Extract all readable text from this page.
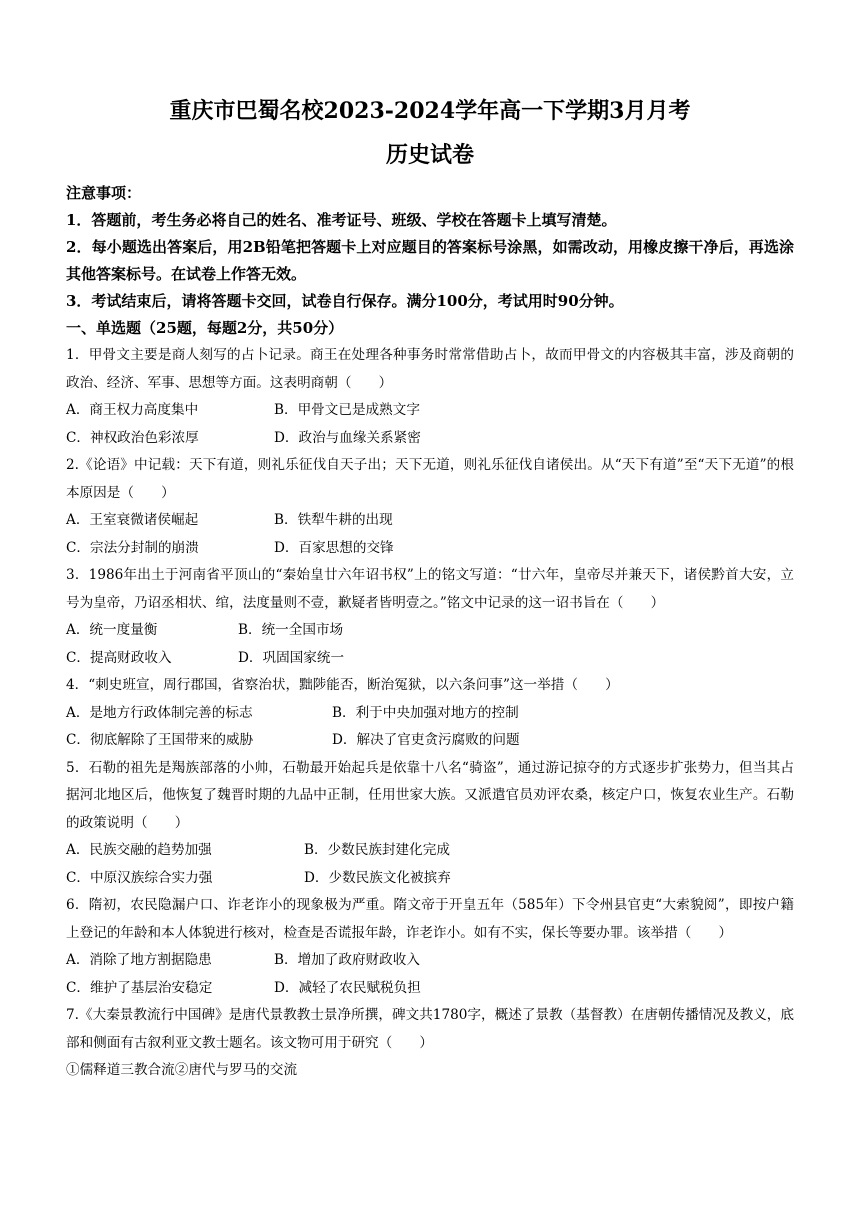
重庆市巴蜀名校2023-2024学年高一下学期3月月考
历史试卷

注意事项：

1．答题前，考生务必将自己的姓名、准考证号、班级、学校在答题卡上填写清楚。

2．每小题选出答案后，用2B铅笔把答题卡上对应题目的答案标号涂黑，如需改动，用橡皮擦干净后，再选涂其他答案标号。在试卷上作答无效。

3．考试结束后，请将答题卡交回，试卷自行保存。满分100分，考试用时90分钟。

一、单选题（25题，每题2分，共50分）

1．甲骨文主要是商人刻写的占卜记录。商王在处理各种事务时常常借助占卜，故而甲骨文的内容极其丰富，涉及商朝的政治、经济、军事、思想等方面。这表明商朝（　　）

A．商王权力高度集中	B．甲骨文已是成熟文字
C．神权政治色彩浓厚	D．政治与血缘关系紧密

2.《论语》中记载：天下有道，则礼乐征伐自天子出；天下无道，则礼乐征伐自诸侯出。从“天下有道”至“天下无道”的根本原因是（　　）

A．王室衰微诸侯崛起	B．铁犁牛耕的出现
C．宗法分封制的崩溃	D．百家思想的交锋

3．1986年出土于河南省平顶山的“秦始皇廿六年诏书权”上的铭文写道：“廿六年，皇帝尽并兼天下，诸侯黔首大安，立号为皇帝，乃诏丞相状、绾，法度量则不壹，歉疑者皆明壹之。”铭文中记录的这一诏书旨在（　　）

A．统一度量衡	B．统一全国市场
C．提高财政收入	D．巩固国家统一

4．“刺史班宣，周行郡国，省察治状，黜陟能否，断治冤狱，以六条问事”这一举措（　　）

A．是地方行政体制完善的标志	B．利于中央加强对地方的控制
C．彻底解除了王国带来的威胁	D．解决了官吏贪污腐败的问题

5．石勒的祖先是羯族部落的小帅，石勒最开始起兵是依靠十八名“骑盗”，通过游记掠夺的方式逐步扩张势力，但当其占据河北地区后，他恢复了魏晋时期的九品中正制，任用世家大族。又派遣官员劝评农桑，核定户口，恢复农业生产。石勒的政策说明（　　）

A．民族交融的趋势加强	B．少数民族封建化完成
C．中原汉族综合实力强	D．少数民族文化被摈弃

6．隋初，农民隐漏户口、诈老诈小的现象极为严重。隋文帝于开皇五年（585年）下令州县官吏“大索貌阅”，即按户籍上登记的年龄和本人体貌进行核对，检查是否谎报年龄，诈老诈小。如有不实，保长等要办罪。该举措（　　）

A．消除了地方割据隐患	B．增加了政府财政收入
C．维护了基层治安稳定	D．减轻了农民赋税负担

7.《大秦景教流行中国碑》是唐代景教教士景净所撰，碑文共1780字，概述了景教（基督教）在唐朝传播情况及教义，底部和侧面有古叙利亚文教士题名。该文物可用于研究（　　）

①儒释道三教合流②唐代与罗马的交流
